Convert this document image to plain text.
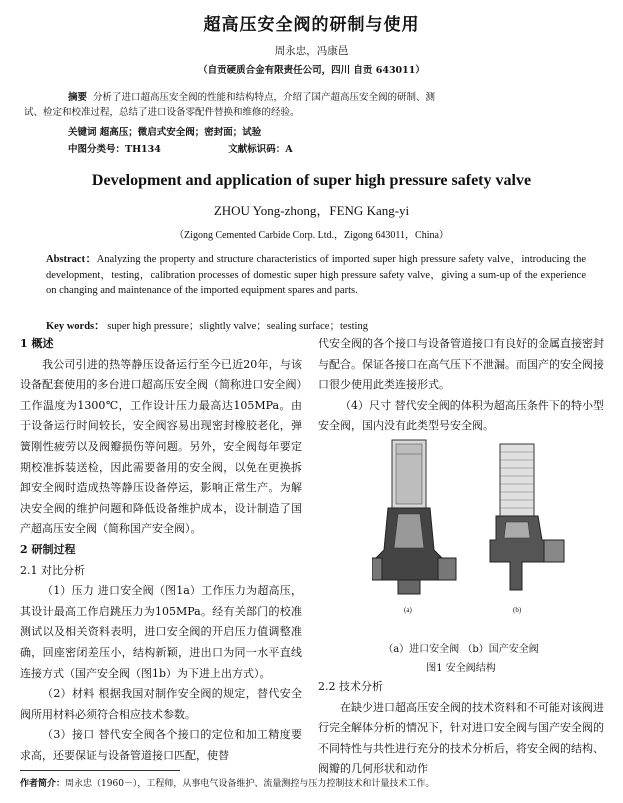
超高压安全阀的研制与使用
周永忠，冯康邑
（自贡硬质合金有限责任公司，四川 自贡 643011）
摘要 分析了进口超高压安全阀的性能和结构特点，介绍了国产超高压安全阀的研制、测
试、检定和校准过程，总结了进口设备零配件替换和维修的经验。
关键词 超高压；微启式安全阀；密封面；试验
中图分类号：TH134	文献标识码：A
Development and application of super high pressure safety valve
ZHOU Yong-zhong，FENG Kang-yi
（Zigong Cemented Carbide Corp. Ltd.，Zigong 643011，China）
Abstract：Analyzing the property and structure characteristics of imported super high pressure safety valve，introducing the development，testing，calibration processes of domestic super high pressure safety valve，giving a sum-up of the experience on changing and maintenance of the imported equipment spares and parts.
Key words： super high pressure；slightly valve；sealing surface；testing
1 概述

我公司引进的热等静压设备运行至今已近20年，与该设备配套使用的多台进口超高压安全阀（简称进口安全阀）工作温度为1300℃，工作设计压力最高达105MPa。由于设备运行时间较长，安全阀容易出现密封橡胶老化，弹簧刚性疲劳以及阀瓣损伤等问题。另外，安全阀每年要定期校准拆装送检，因此需要备用的安全阀，以免在更换拆卸安全阀时造成热等静压设备停运，影响正常生产。为解决安全阀的维护问题和降低设备维护成本，设计制造了国产超高压安全阀（简称国产安全阀）。

2 研制过程
2.1 对比分析

（1）压力 进口安全阀（图1a）工作压力为超高压，其设计最高工作启跳压力为105MPa。经有关部门的校准测试以及相关资料表明，进口安全阀的开启压力值调整准确，回座密闭差压小，结构新颖，进出口为同一水平直线连接方式（国产安全阀（图1b）为下进上出方式）。

（2）材料 根据我国对制作安全阀的规定，替代安全阀所用材料必须符合相应技术参数。

（3）接口 替代安全阀各个接口的定位和加工精度要求高，还要保证与设备管道接口匹配，使替

代安全阀的各个接口与设备管道接口有良好的金属直接密封与配合。保证各接口在高气压下不泄漏。而国产的安全阀接口很少使用此类连接形式。

（4）尺寸 替代安全阀的体积为超高压条件下的特小型安全阀，国内没有此类型号安全阀。

(a)	(b)
（a）进口安全阀 （b）国产安全阀
图1 安全阀结构
2.2 技术分析

在缺少进口超高压安全阀的技术资料和不可能对该阀进行完全解体分析的情况下，针对进口安全阀与国产安全阀的不同特性与共性进行充分的技术分析后，将安全阀的结构、阀瓣的几何形状和动作

作者简介：周永忠（1960－），工程师，从事电气设备维护、流量测控与压力控制技术和计量技术工作。
